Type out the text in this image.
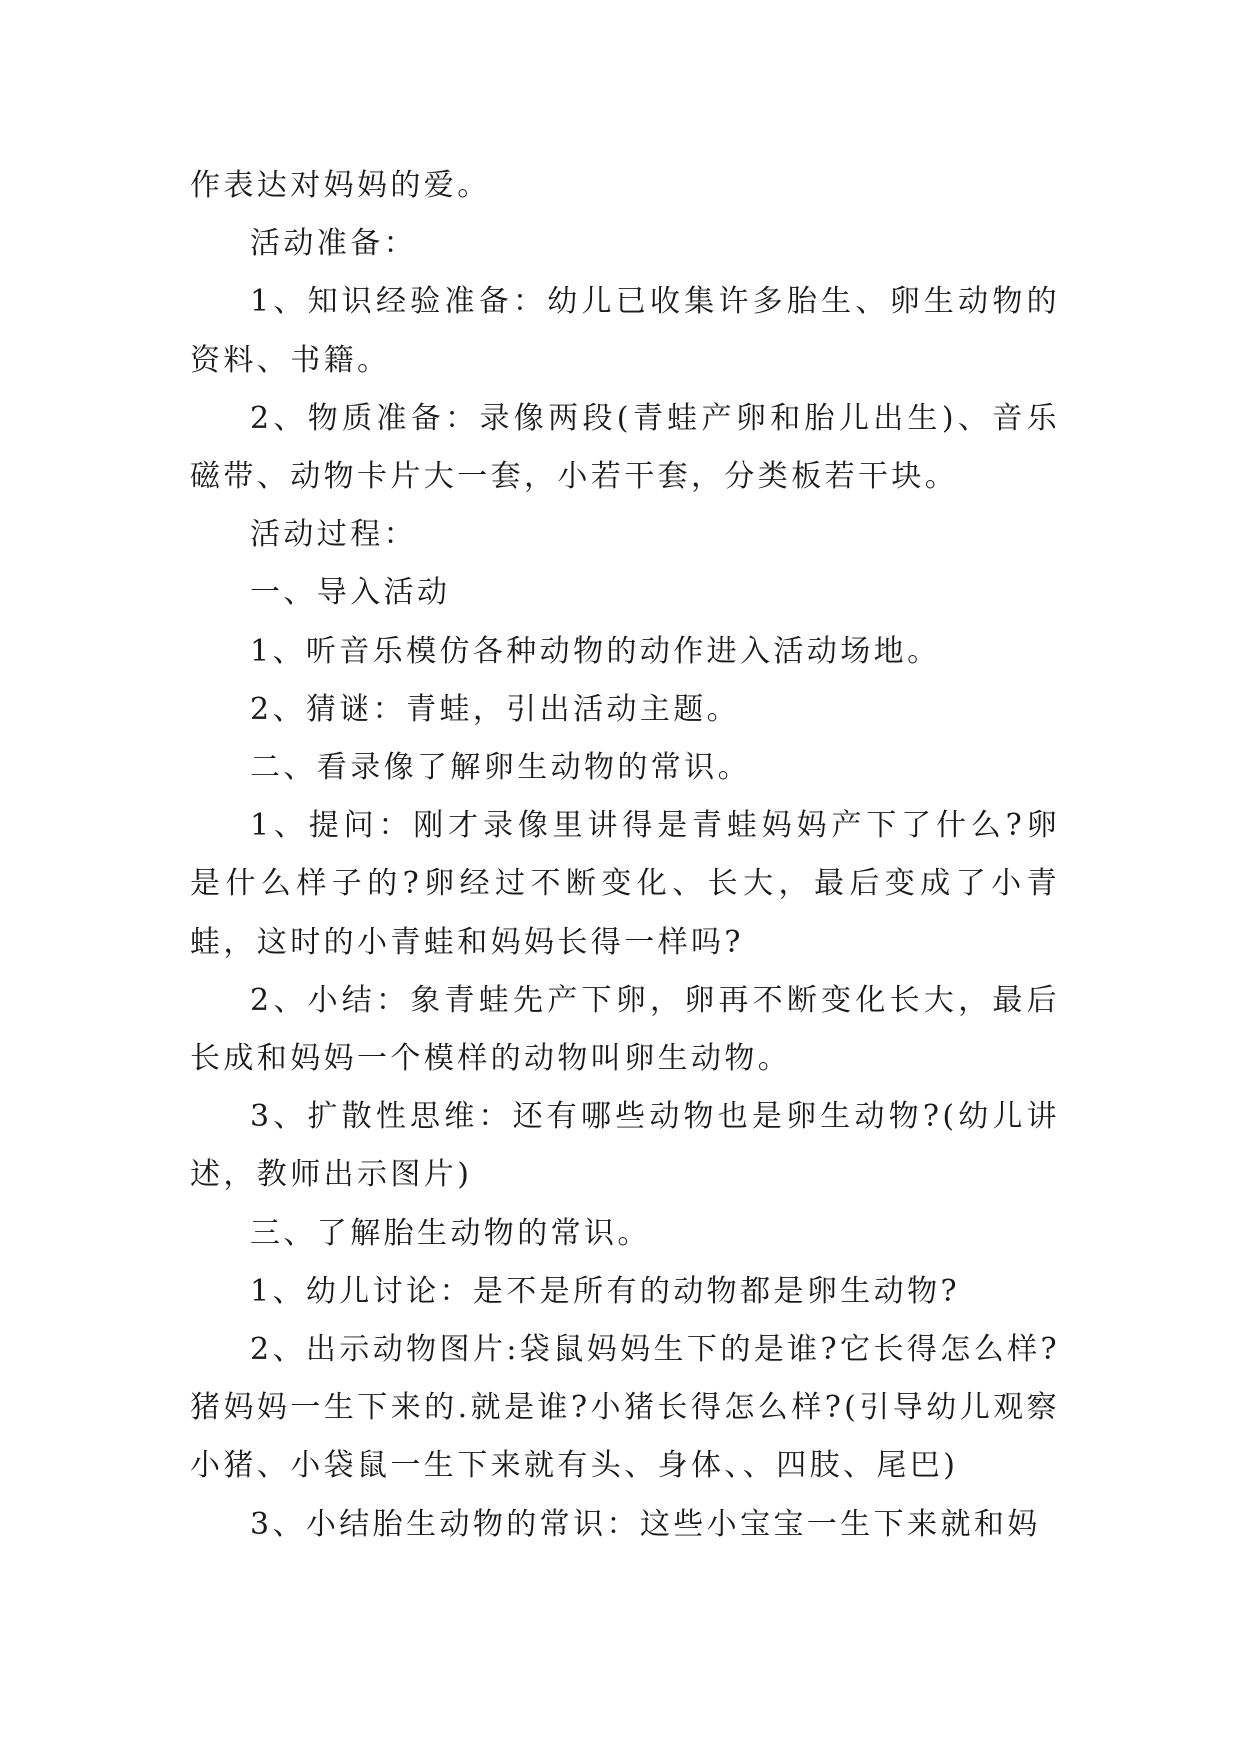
作表达对妈妈的爱。

活动准备：

1、知识经验准备：幼儿已收集许多胎生、卵生动物的资料、书籍。

2、物质准备：录像两段(青蛙产卵和胎儿出生)、音乐磁带、动物卡片大一套，小若干套，分类板若干块。

活动过程：

一、导入活动

1、听音乐模仿各种动物的动作进入活动场地。

2、猜谜：青蛙，引出活动主题。

二、看录像了解卵生动物的常识。

1、提问：刚才录像里讲得是青蛙妈妈产下了什么?卵是什么样子的?卵经过不断变化、长大，最后变成了小青蛙，这时的小青蛙和妈妈长得一样吗?

2、小结：象青蛙先产下卵，卵再不断变化长大，最后长成和妈妈一个模样的动物叫卵生动物。

3、扩散性思维：还有哪些动物也是卵生动物?(幼儿讲述，教师出示图片)

三、了解胎生动物的常识。

1、幼儿讨论：是不是所有的动物都是卵生动物?

2、出示动物图片:袋鼠妈妈生下的是谁?它长得怎么样?猪妈妈一生下来的.就是谁?小猪长得怎么样?(引导幼儿观察小猪、小袋鼠一生下来就有头、身体、、四肢、尾巴)

3、小结胎生动物的常识：这些小宝宝一生下来就和妈
